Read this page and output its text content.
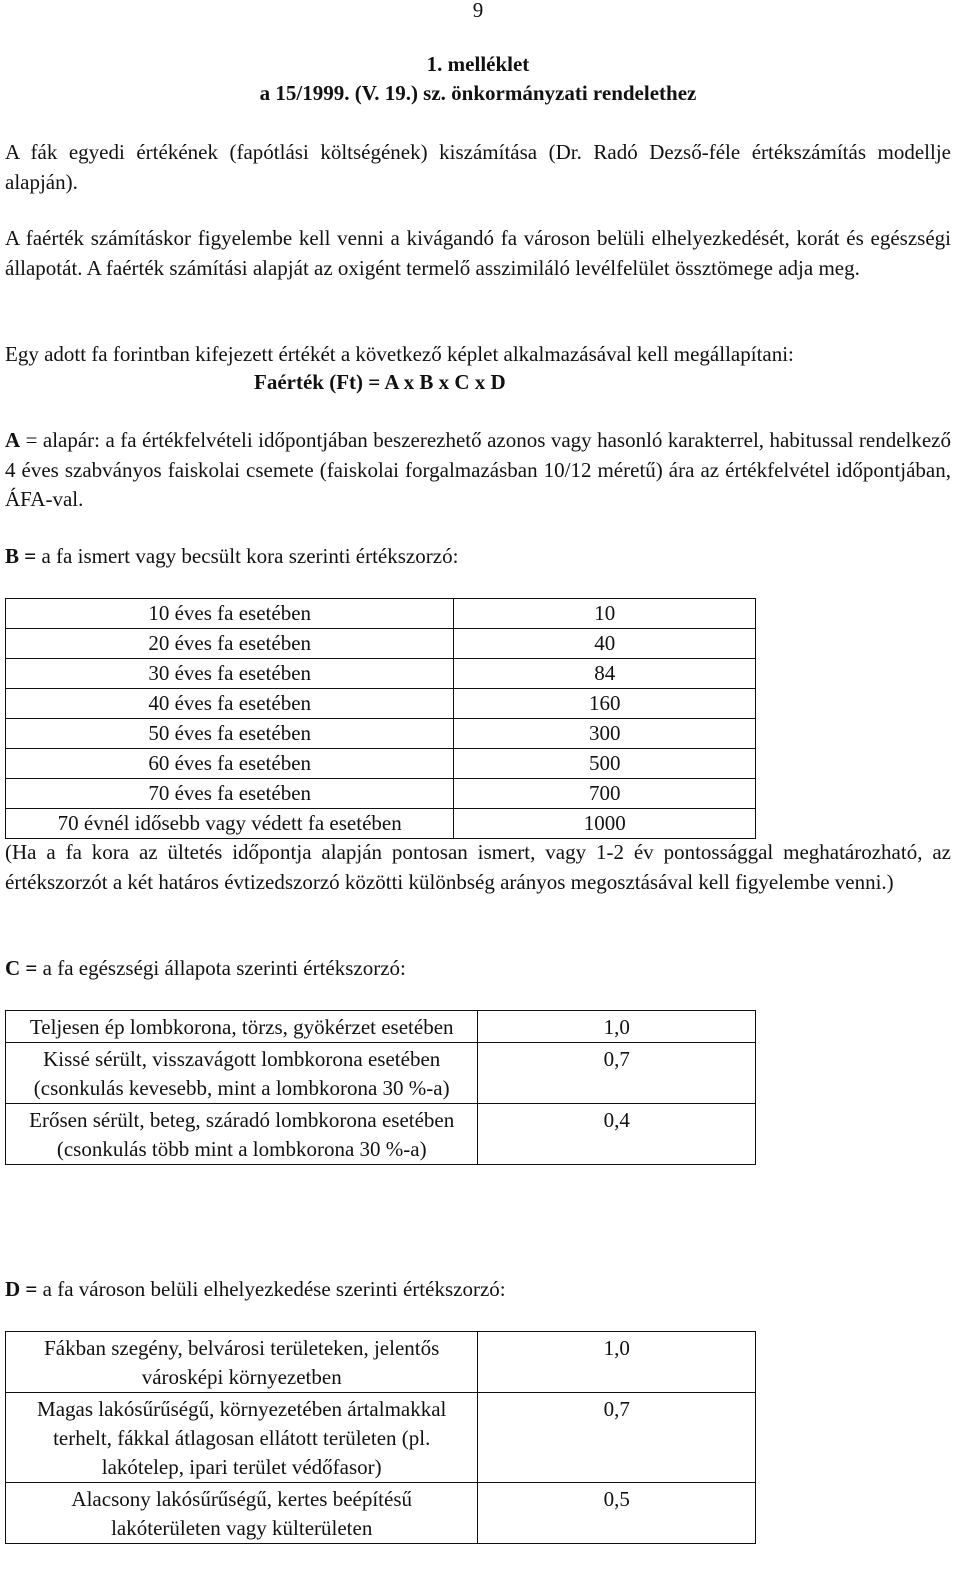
9
1. melléklet
a 15/1999. (V. 19.) sz. önkormányzati rendelethez

A fák egyedi értékének (fapótlási költségének) kiszámítása (Dr. Radó Dezső-féle értékszámítás modellje alapján).

A faérték számításkor figyelembe kell venni a kivágandó fa városon belüli elhelyezkedését, korát és egészségi állapotát. A faérték számítási alapját az oxigént termelő asszimiláló levélfelület össztömege adja meg.

Egy adott fa forintban kifejezett értékét a következő képlet alkalmazásával kell megállapítani:

Faérték (Ft) = A x B x C x D

A = alapár: a fa értékfelvételi időpontjában beszerezhető azonos vagy hasonló karakterrel, habitussal rendelkező 4 éves szabványos faiskolai csemete (faiskolai forgalmazásban 10/12 méretű) ára az értékfelvétel időpontjában, ÁFA-val.

B = a fa ismert vagy becsült kora szerinti értékszorzó:

10 éves fa esetében	10
20 éves fa esetében	40
30 éves fa esetében	84
40 éves fa esetében	160
50 éves fa esetében	300
60 éves fa esetében	500
70 éves fa esetében	700
70 évnél idősebb vagy védett fa esetében	1000

(Ha a fa kora az ültetés időpontja alapján pontosan ismert, vagy 1-2 év pontossággal meghatározható, az értékszorzót a két határos évtizedszorzó közötti különbség arányos megosztásával kell figyelembe venni.)

C = a fa egészségi állapota szerinti értékszorzó:

Teljesen ép lombkorona, törzs, gyökérzet esetében	1,0
Kissé sérült, visszavágott lombkorona esetében (csonkulás kevesebb, mint a lombkorona 30 %-a)	0,7
Erősen sérült, beteg, száradó lombkorona esetében (csonkulás több mint a lombkorona 30 %-a)	0,4

D = a fa városon belüli elhelyezkedése szerinti értékszorzó:

Fákban szegény, belvárosi területeken, jelentős városképi környezetben	1,0
Magas lakósűrűségű, környezetében ártalmakkal terhelt, fákkal átlagosan ellátott területen (pl. lakótelep, ipari terület védőfasor)	0,7
Alacsony lakósűrűségű, kertes beépítésű lakóterületen vagy külterületen	0,5
